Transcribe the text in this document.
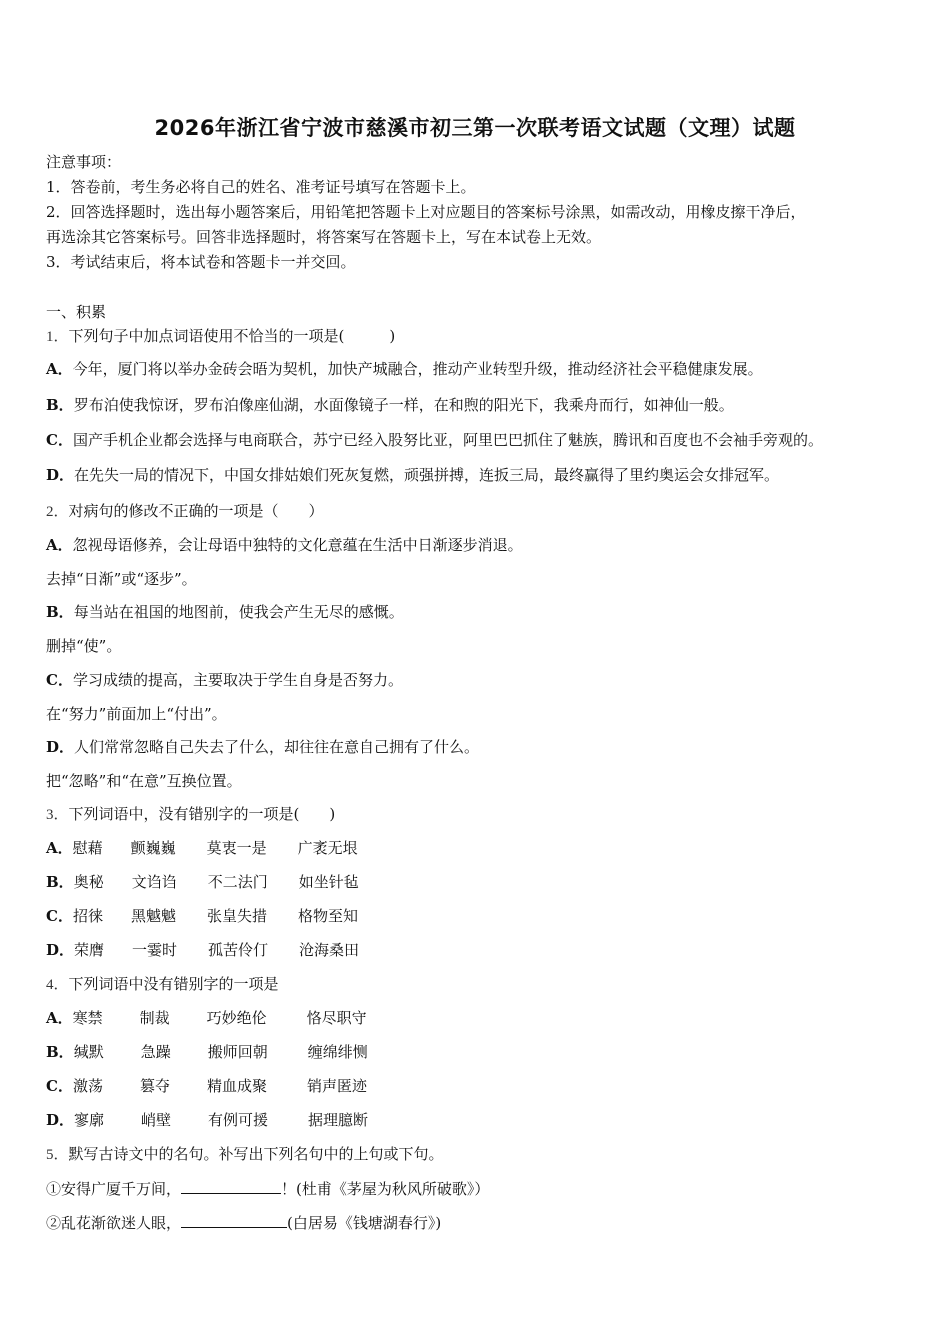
2026年浙江省宁波市慈溪市初三第一次联考语文试题（文理）试题
注意事项：
1．答卷前，考生务必将自己的姓名、准考证号填写在答题卡上。
2．回答选择题时，选出每小题答案后，用铅笔把答题卡上对应题目的答案标号涂黑，如需改动，用橡皮擦干净后，
再选涂其它答案标号。回答非选择题时，将答案写在答题卡上，写在本试卷上无效。
3．考试结束后，将本试卷和答题卡一并交回。
一、积累
1．下列句子中加点词语使用不恰当的一项是(　　　)
A．今年，厦门将以举办金砖会晤为契机，加快产城融合，推动产业转型升级，推动经济社会平稳健康发展。
B．罗布泊使我惊讶，罗布泊像座仙湖，水面像镜子一样，在和煦的阳光下，我乘舟而行，如神仙一般。
C．国产手机企业都会选择与电商联合，苏宁已经入股努比亚，阿里巴巴抓住了魅族，腾讯和百度也不会袖手旁观的。
D．在先失一局的情况下，中国女排姑娘们死灰复燃，顽强拼搏，连扳三局，最终赢得了里约奥运会女排冠军。
2．对病句的修改不正确的一项是（　　）
A．忽视母语修养，会让母语中独特的文化意蕴在生活中日渐逐步消退。
去掉“日渐”或“逐步”。
B．每当站在祖国的地图前，使我会产生无尽的感慨。
删掉“使”。
C．学习成绩的提高，主要取决于学生自身是否努力。
在“努力”前面加上“付出”。
D．人们常常忽略自己失去了什么，却往往在意自己拥有了什么。
把“忽略”和“在意”互换位置。
3．下列词语中，没有错别字的一项是(　　)
A．慰藉 颤巍巍 莫衷一是 广袤无垠
B．奥秘 文诌诌 不二法门 如坐针毡
C．招徕 黑魆魆 张皇失措 格物至知
D．荣膺 一霎时 孤苦伶仃 沧海桑田
4．下列词语中没有错别字的一项是
A．寒禁 制裁 巧妙绝伦	恪尽职守
B．缄默 急躁 搬师回朝	缠绵绯恻
C．激荡 篡夺 精血成聚	销声匿迹
D．寥廓 峭壁 有例可援	据理臆断
5．默写古诗文中的名句。补写出下列名句中的上句或下句。
①安得广厦千万间，	！(杜甫《茅屋为秋风所破歌》）
②乱花渐欲迷人眼，	(白居易《钱塘湖春行》)
